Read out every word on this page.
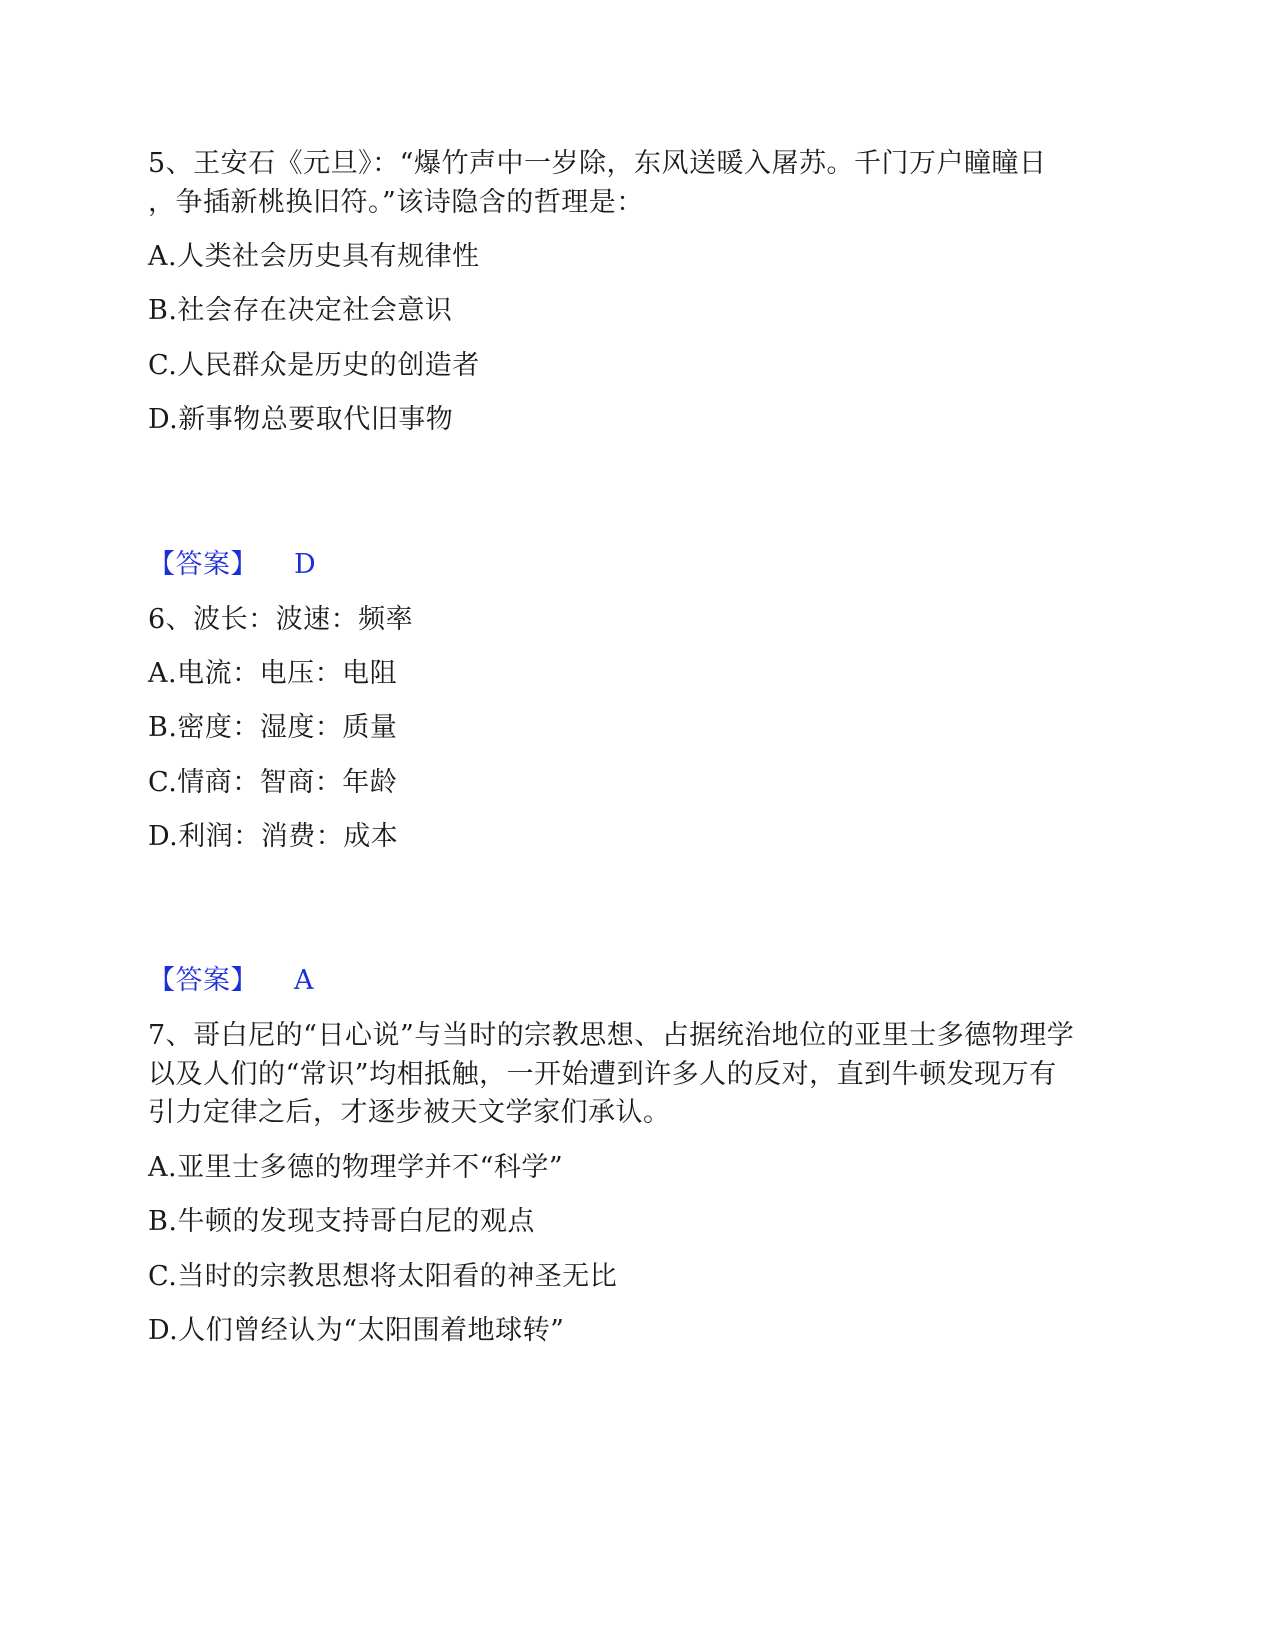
5、王安石《元旦》：“爆竹声中一岁除，东风送暖入屠苏。千门万户瞳瞳日
，争插新桃换旧符。”该诗隐含的哲理是：
A.人类社会历史具有规律性
B.社会存在决定社会意识
C.人民群众是历史的创造者
D.新事物总要取代旧事物
【答案】 D
6、波长：波速：频率
A.电流：电压：电阻
B.密度：湿度：质量
C.情商：智商：年龄
D.利润：消费：成本
【答案】 A
7、哥白尼的“日心说”与当时的宗教思想、占据统治地位的亚里士多德物理学
以及人们的“常识”均相抵触，一开始遭到许多人的反对，直到牛顿发现万有
引力定律之后，才逐步被天文学家们承认。
A.亚里士多德的物理学并不“科学”
B.牛顿的发现支持哥白尼的观点
C.当时的宗教思想将太阳看的神圣无比
D.人们曾经认为“太阳围着地球转”
